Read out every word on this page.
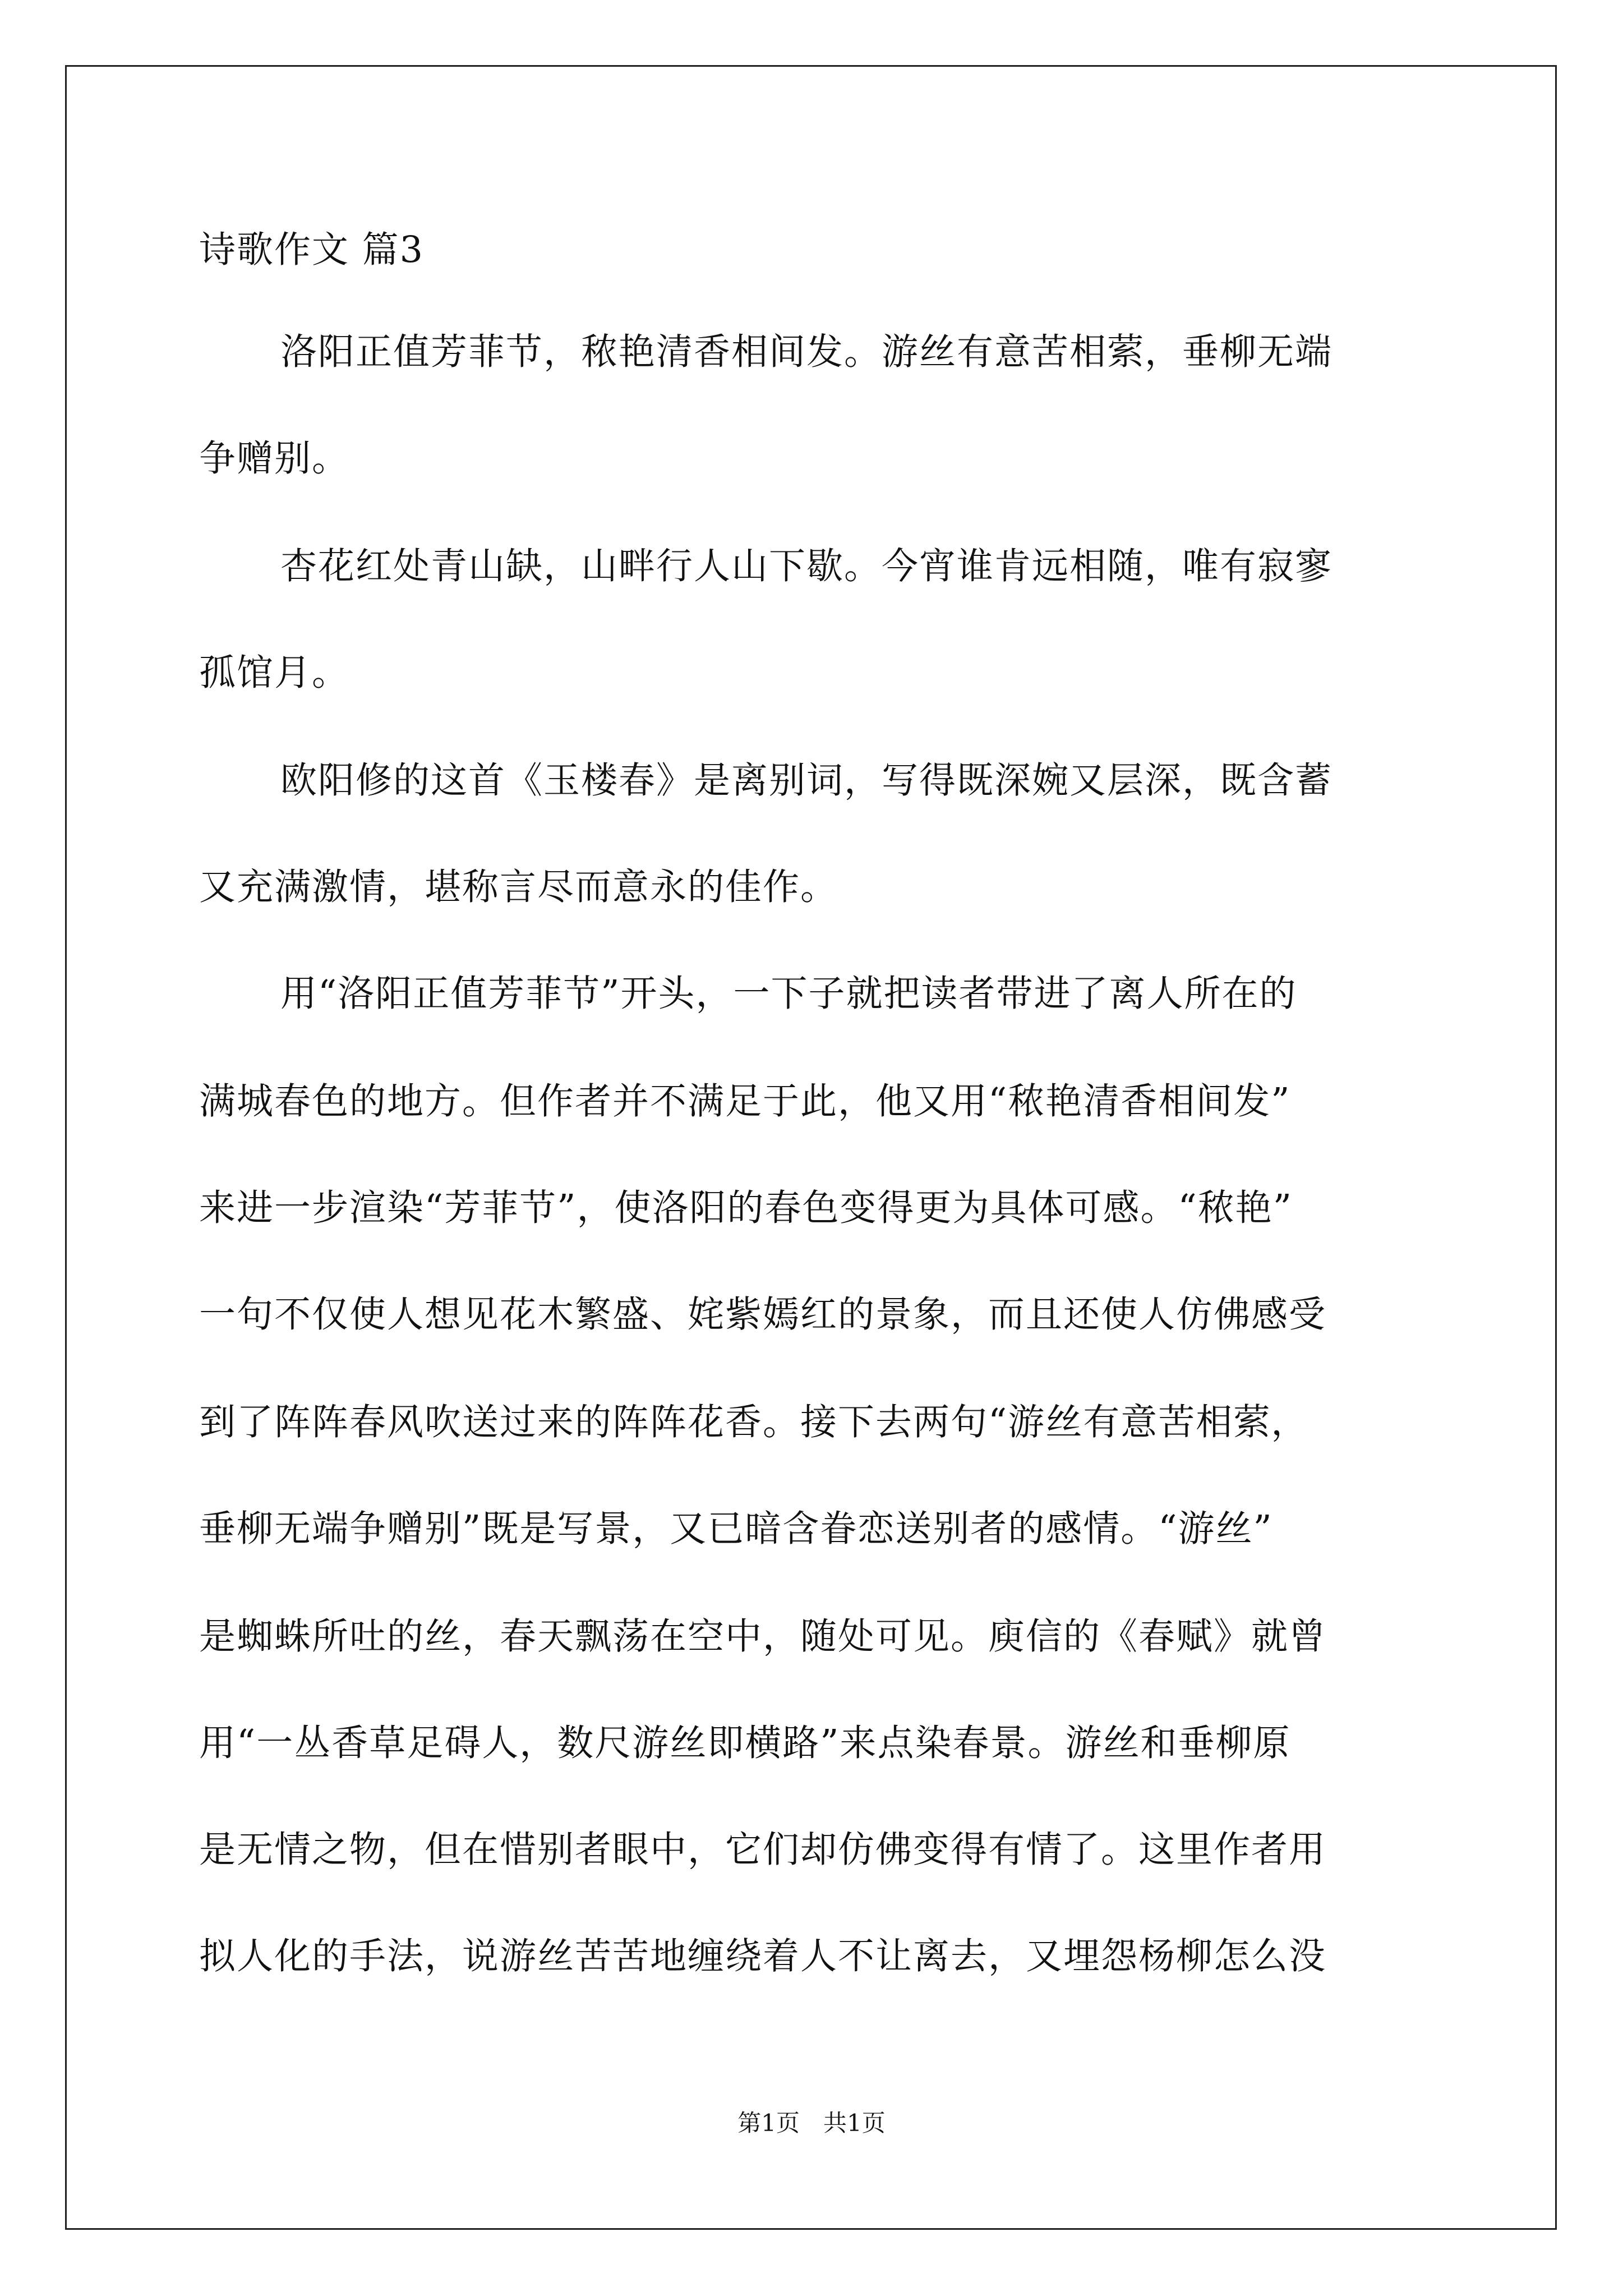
诗歌作文 篇3
洛阳正值芳菲节，秾艳清香相间发。游丝有意苦相萦，垂柳无端
争赠别。
杏花红处青山缺，山畔行人山下歇。今宵谁肯远相随，唯有寂寥
孤馆月。
欧阳修的这首《玉楼春》是离别词，写得既深婉又层深，既含蓄
又充满激情，堪称言尽而意永的佳作。
用“洛阳正值芳菲节”开头，一下子就把读者带进了离人所在的
满城春色的地方。但作者并不满足于此，他又用“秾艳清香相间发”
来进一步渲染“芳菲节”，使洛阳的春色变得更为具体可感。“秾艳”
一句不仅使人想见花木繁盛、姹紫嫣红的景象，而且还使人仿佛感受
到了阵阵春风吹送过来的阵阵花香。接下去两句“游丝有意苦相萦，
垂柳无端争赠别”既是写景，又已暗含眷恋送别者的感情。“游丝”
是蜘蛛所吐的丝，春天飘荡在空中，随处可见。庾信的《春赋》就曾
用“一丛香草足碍人，数尺游丝即横路”来点染春景。游丝和垂柳原
是无情之物，但在惜别者眼中，它们却仿佛变得有情了。这里作者用
拟人化的手法，说游丝苦苦地缠绕着人不让离去，又埋怨杨柳怎么没
第1页 共1页
